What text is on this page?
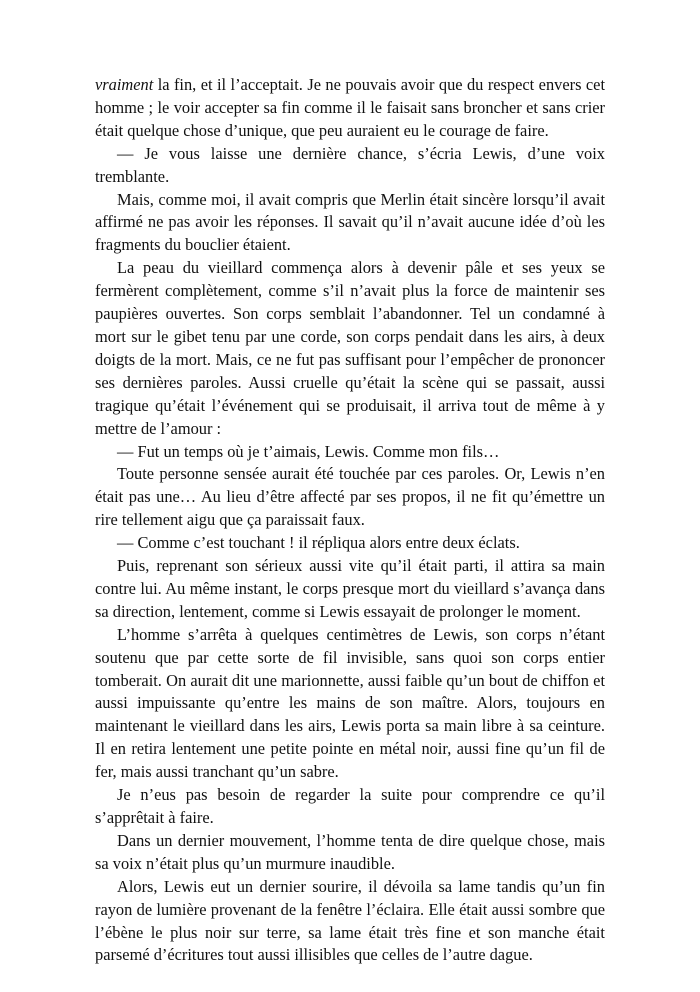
vraiment la fin, et il l’acceptait. Je ne pouvais avoir que du respect envers cet homme ; le voir accepter sa fin comme il le faisait sans broncher et sans crier était quelque chose d’unique, que peu auraient eu le courage de faire.

— Je vous laisse une dernière chance, s’écria Lewis, d’une voix tremblante.

Mais, comme moi, il avait compris que Merlin était sincère lorsqu’il avait affirmé ne pas avoir les réponses. Il savait qu’il n’avait aucune idée d’où les fragments du bouclier étaient.

La peau du vieillard commença alors à devenir pâle et ses yeux se fermèrent complètement, comme s’il n’avait plus la force de maintenir ses paupières ouvertes. Son corps semblait l’abandonner. Tel un condamné à mort sur le gibet tenu par une corde, son corps pendait dans les airs, à deux doigts de la mort. Mais, ce ne fut pas suffisant pour l’empêcher de prononcer ses dernières paroles. Aussi cruelle qu’était la scène qui se passait, aussi tragique qu’était l’événement qui se produisait, il arriva tout de même à y mettre de l’amour :

— Fut un temps où je t’aimais, Lewis. Comme mon fils…

Toute personne sensée aurait été touchée par ces paroles. Or, Lewis n’en était pas une… Au lieu d’être affecté par ses propos, il ne fit qu’émettre un rire tellement aigu que ça paraissait faux.

— Comme c’est touchant ! il répliqua alors entre deux éclats.

Puis, reprenant son sérieux aussi vite qu’il était parti, il attira sa main contre lui. Au même instant, le corps presque mort du vieillard s’avança dans sa direction, lentement, comme si Lewis essayait de prolonger le moment.

L’homme s’arrêta à quelques centimètres de Lewis, son corps n’étant soutenu que par cette sorte de fil invisible, sans quoi son corps entier tomberait. On aurait dit une marionnette, aussi faible qu’un bout de chiffon et aussi impuissante qu’entre les mains de son maître. Alors, toujours en maintenant le vieillard dans les airs, Lewis porta sa main libre à sa ceinture. Il en retira lentement une petite pointe en métal noir, aussi fine qu’un fil de fer, mais aussi tranchant qu’un sabre.

Je n’eus pas besoin de regarder la suite pour comprendre ce qu’il s’apprêtait à faire.

Dans un dernier mouvement, l’homme tenta de dire quelque chose, mais sa voix n’était plus qu’un murmure inaudible.

Alors, Lewis eut un dernier sourire, il dévoila sa lame tandis qu’un fin rayon de lumière provenant de la fenêtre l’éclaira. Elle était aussi sombre que l’ébène le plus noir sur terre, sa lame était très fine et son manche était parsemé d’écritures tout aussi illisibles que celles de l’autre dague.
